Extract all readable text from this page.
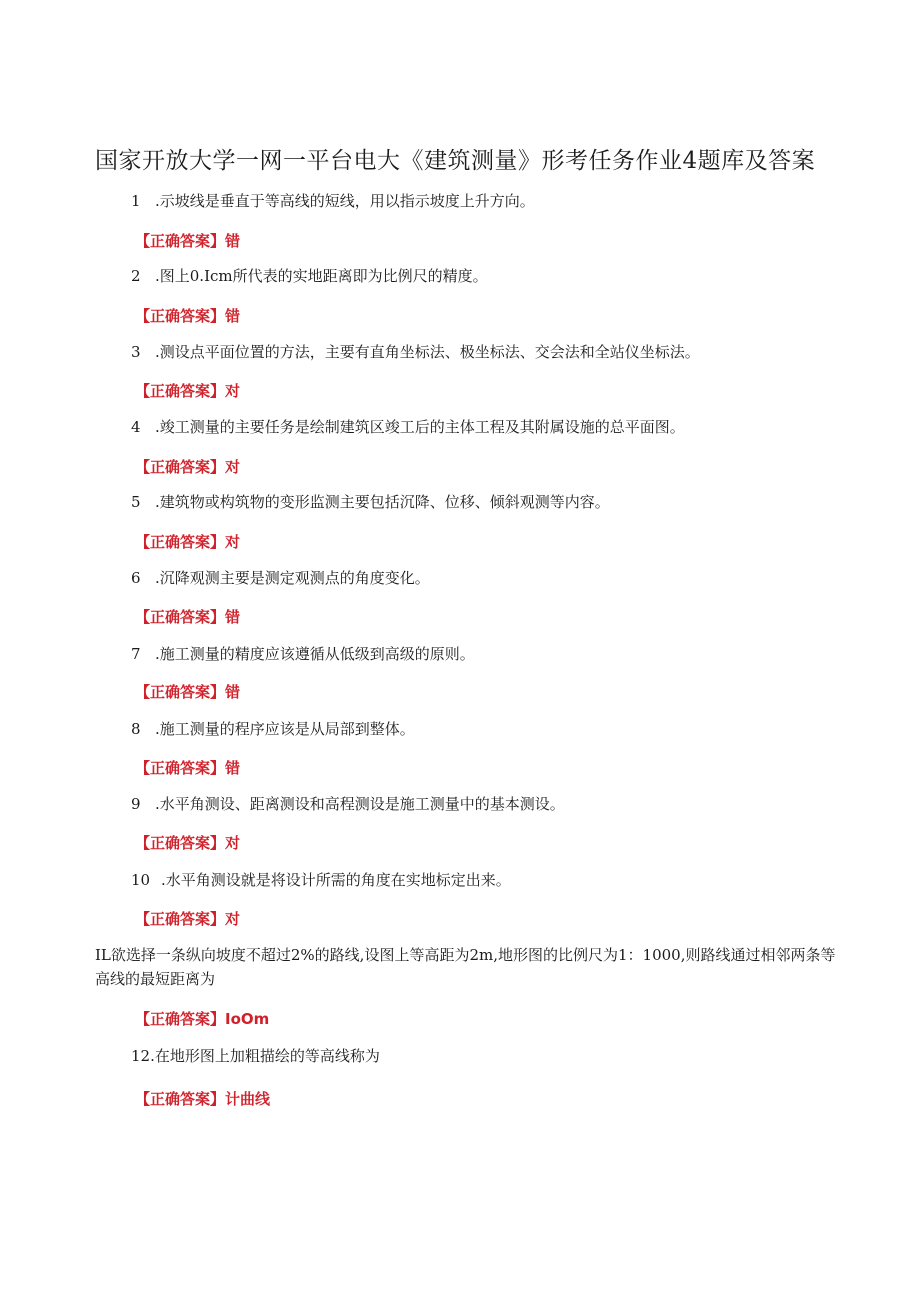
国家开放大学一网一平台电大《建筑测量》形考任务作业4题库及答案
1 .示坡线是垂直于等高线的短线，用以指示坡度上升方向。
【正确答案】错
2 .图上0.Icm所代表的实地距离即为比例尺的精度。
【正确答案】错
3 .测设点平面位置的方法，主要有直角坐标法、极坐标法、交会法和全站仪坐标法。
【正确答案】对
4 .竣工测量的主要任务是绘制建筑区竣工后的主体工程及其附属设施的总平面图。
【正确答案】对
5 .建筑物或构筑物的变形监测主要包括沉降、位移、倾斜观测等内容。
【正确答案】对
6 .沉降观测主要是测定观测点的角度变化。
【正确答案】错
7 .施工测量的精度应该遵循从低级到高级的原则。
【正确答案】错
8 .施工测量的程序应该是从局部到整体。
【正确答案】错
9 .水平角测设、距离测设和高程测设是施工测量中的基本测设。
【正确答案】对
10 .水平角测设就是将设计所需的角度在实地标定出来。
【正确答案】对
IL欲选择一条纵向坡度不超过2%的路线,设图上等高距为2m,地形图的比例尺为1：1000,则路线通过相邻两条等高线的最短距离为
【正确答案】IoOm
12.在地形图上加粗描绘的等高线称为
【正确答案】计曲线
